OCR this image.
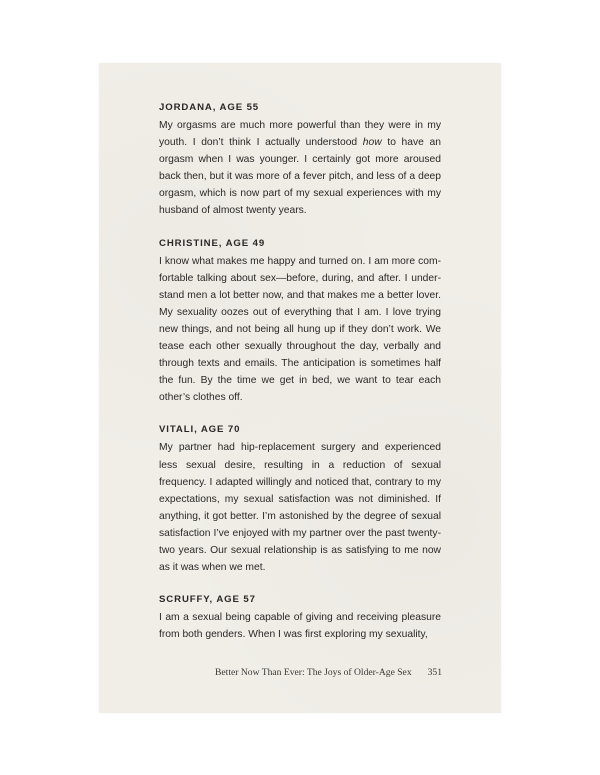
JORDANA, AGE 55

My orgasms are much more powerful than they were in my youth. I don’t think I actually understood how to have an orgasm when I was younger. I certainly got more aroused back then, but it was more of a fever pitch, and less of a deep orgasm, which is now part of my sexual experiences with my husband of almost twenty years.

CHRISTINE, AGE 49

I know what makes me happy and turned on. I am more comfortable talking about sex—before, during, and after. I understand men a lot better now, and that makes me a better lover. My sexuality oozes out of everything that I am. I love trying new things, and not being all hung up if they don’t work. We tease each other sexually throughout the day, verbally and through texts and emails. The anticipation is sometimes half the fun. By the time we get in bed, we want to tear each other’s clothes off.

VITALI, AGE 70

My partner had hip-replacement surgery and experienced less sexual desire, resulting in a reduction of sexual frequency. I adapted willingly and noticed that, contrary to my expectations, my sexual satisfaction was not diminished. If anything, it got better. I’m astonished by the degree of sexual satisfaction I’ve enjoyed with my partner over the past twenty-two years. Our sexual relationship is as satisfying to me now as it was when we met.

SCRUFFY, AGE 57

I am a sexual being capable of giving and receiving pleasure from both genders. When I was first exploring my sexuality,

Better Now Than Ever: The Joys of Older-Age Sex 351
